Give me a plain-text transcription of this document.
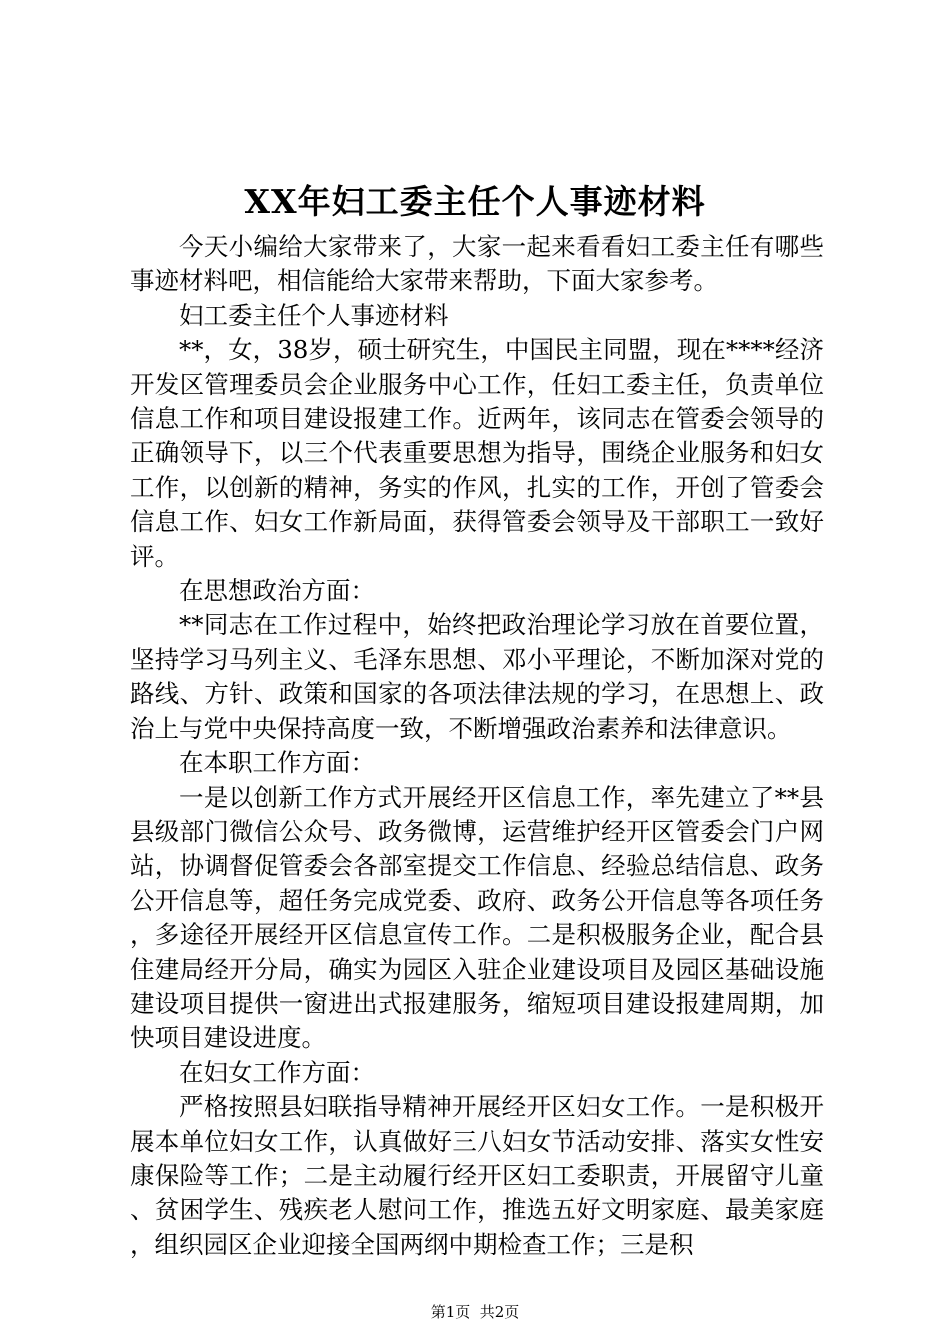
XX年妇工委主任个人事迹材料

今天小编给大家带来了，大家一起来看看妇工委主任有哪些事迹材料吧，相信能给大家带来帮助，下面大家参考。

妇工委主任个人事迹材料

**，女，38岁，硕士研究生，中国民主同盟，现在****经济开发区管理委员会企业服务中心工作，任妇工委主任，负责单位信息工作和项目建设报建工作。近两年，该同志在管委会领导的正确领导下，以三个代表重要思想为指导，围绕企业服务和妇女工作，以创新的精神，务实的作风，扎实的工作，开创了管委会信息工作、妇女工作新局面，获得管委会领导及干部职工一致好评。

在思想政治方面：

**同志在工作过程中，始终把政治理论学习放在首要位置，坚持学习马列主义、毛泽东思想、邓小平理论，不断加深对党的路线、方针、政策和国家的各项法律法规的学习，在思想上、政治上与党中央保持高度一致，不断增强政治素养和法律意识。

在本职工作方面：

一是以创新工作方式开展经开区信息工作，率先建立了**县县级部门微信公众号、政务微博，运营维护经开区管委会门户网站，协调督促管委会各部室提交工作信息、经验总结信息、政务公开信息等，超任务完成党委、政府、政务公开信息等各项任务，多途径开展经开区信息宣传工作。二是积极服务企业，配合县住建局经开分局，确实为园区入驻企业建设项目及园区基础设施建设项目提供一窗进出式报建服务，缩短项目建设报建周期，加快项目建设进度。

在妇女工作方面：

严格按照县妇联指导精神开展经开区妇女工作。一是积极开展本单位妇女工作，认真做好三八妇女节活动安排、落实女性安康保险等工作；二是主动履行经开区妇工委职责，开展留守儿童、贫困学生、残疾老人慰问工作，推选五好文明家庭、最美家庭，组织园区企业迎接全国两纲中期检查工作；三是积

第1页  共2页
